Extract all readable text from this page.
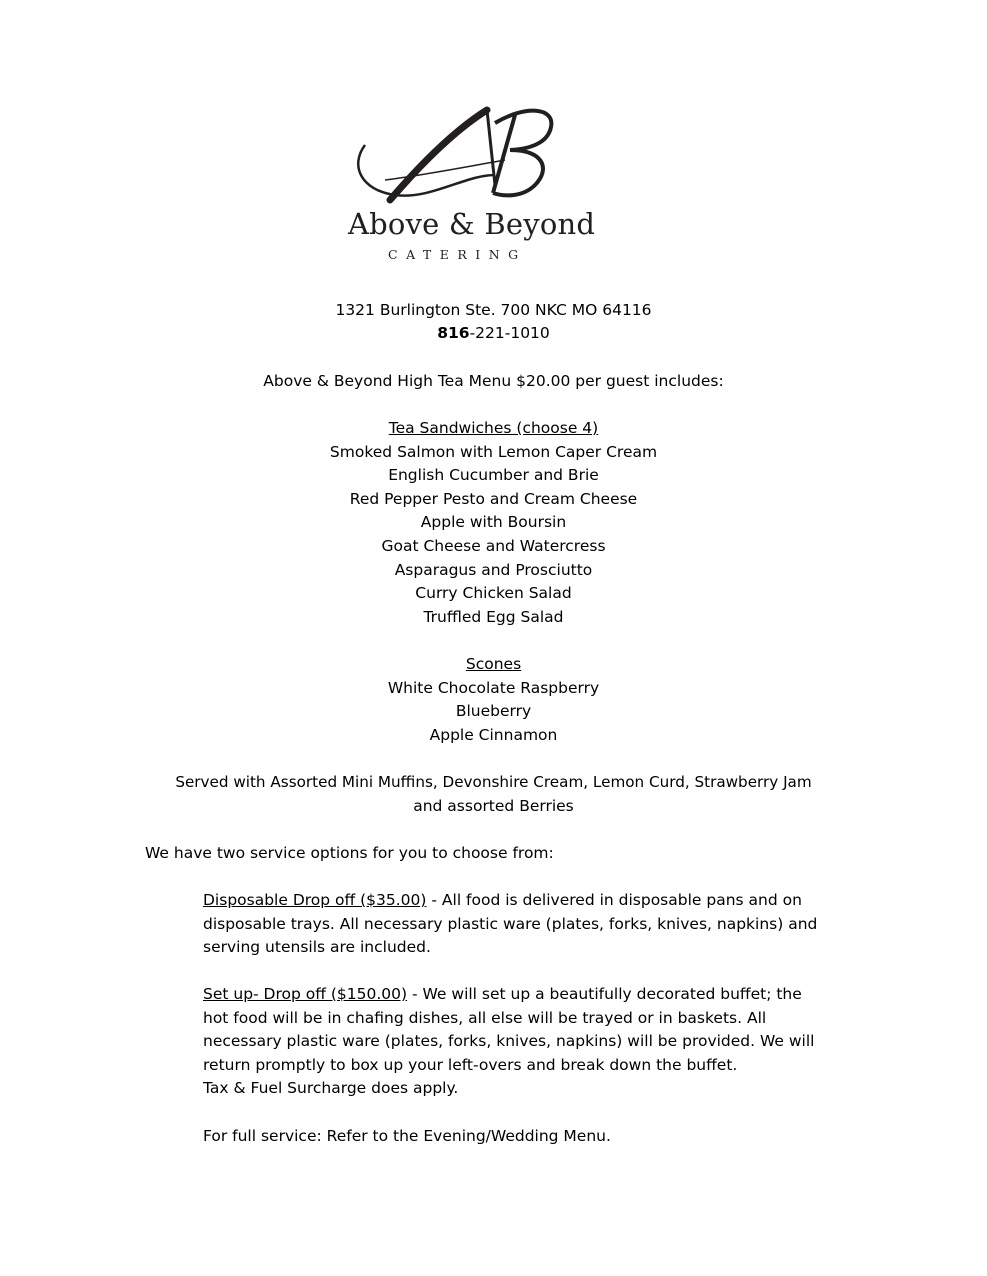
Above & Beyond
CATERING
1321 Burlington Ste. 700 NKC MO 64116
816-221-1010
Above & Beyond High Tea Menu $20.00 per guest includes:
Tea Sandwiches (choose 4)
Smoked Salmon with Lemon Caper Cream
English Cucumber and Brie
Red Pepper Pesto and Cream Cheese
Apple with Boursin
Goat Cheese and Watercress
Asparagus and Prosciutto
Curry Chicken Salad
Truffled Egg Salad
Scones
White Chocolate Raspberry
Blueberry
Apple Cinnamon
Served with Assorted Mini Muffins, Devonshire Cream, Lemon Curd, Strawberry Jam
and assorted Berries
We have two service options for you to choose from:
Disposable Drop off ($35.00) - All food is delivered in disposable pans and on
disposable trays. All necessary plastic ware (plates, forks, knives, napkins) and
serving utensils are included.
Set up- Drop off ($150.00) - We will set up a beautifully decorated buffet; the
hot food will be in chafing dishes, all else will be trayed or in baskets. All
necessary plastic ware (plates, forks, knives, napkins) will be provided. We will
return promptly to box up your left-overs and break down the buffet.
Tax & Fuel Surcharge does apply.
For full service: Refer to the Evening/Wedding Menu.
